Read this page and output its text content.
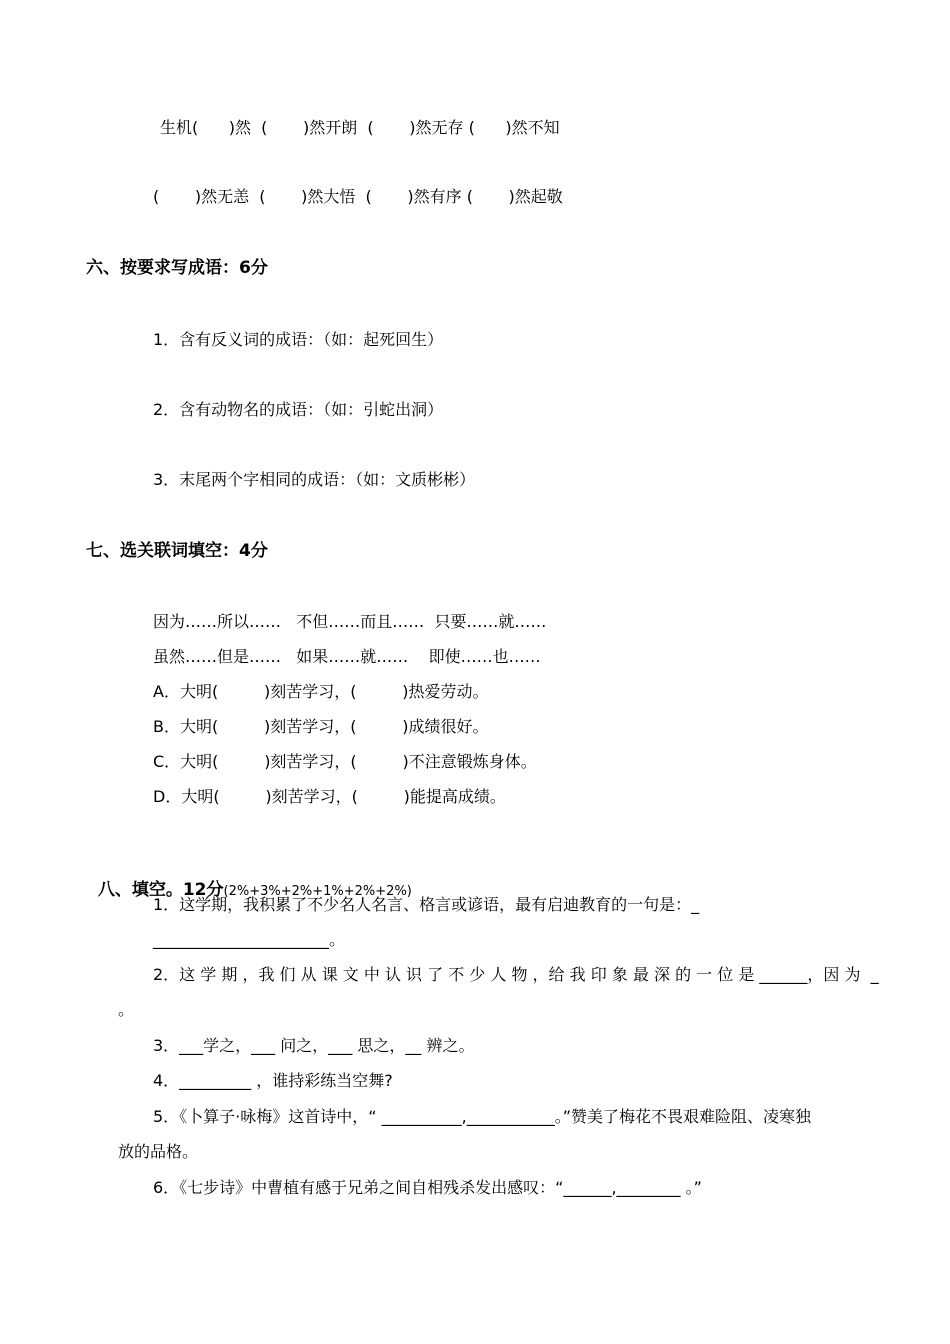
生机(      )然  (       )然开朗  (       )然无存 (      )然不知
(       )然无恙  (       )然大悟  (       )然有序 (       )然起敬
六、按要求写成语：6分
1．含有反义词的成语：（如：起死回生）
2．含有动物名的成语：（如：引蛇出洞）
3．末尾两个字相同的成语：（如：文质彬彬）
七、选关联词填空：4分
因为……所以……   不但……而且……  只要……就……
虽然……但是……   如果……就……    即使……也……
A．大明(         )刻苦学习，(         )热爱劳动。
B．大明(         )刻苦学习，(         )成绩很好。
C．大明(         )刻苦学习，(         )不注意锻炼身体。
D．大明(         )刻苦学习，(         )能提高成绩。

八、填空。12分(2%+3%+2%+1%+2%+2%)

1．这学期，我积累了不少名人名言、格言或谚语，最有启迪教育的一句是：_
______________________。
2．这 学 期 ，我 们 从 课 文 中 认 识 了 不 少 人 物 ，给 我 印 象 最 深 的 一 位 是 ______，因 为  _
。
3．___学之，___ 问之，___ 思之，__ 辨之。
4．_________ ，谁持彩练当空舞?
5．《卜算子·咏梅》这首诗中，“ __________,___________。”赞美了梅花不畏艰难险阻、凌寒独
放的品格。
6．《七步诗》中曹植有感于兄弟之间自相残杀发出感叹：“______,________ 。”
